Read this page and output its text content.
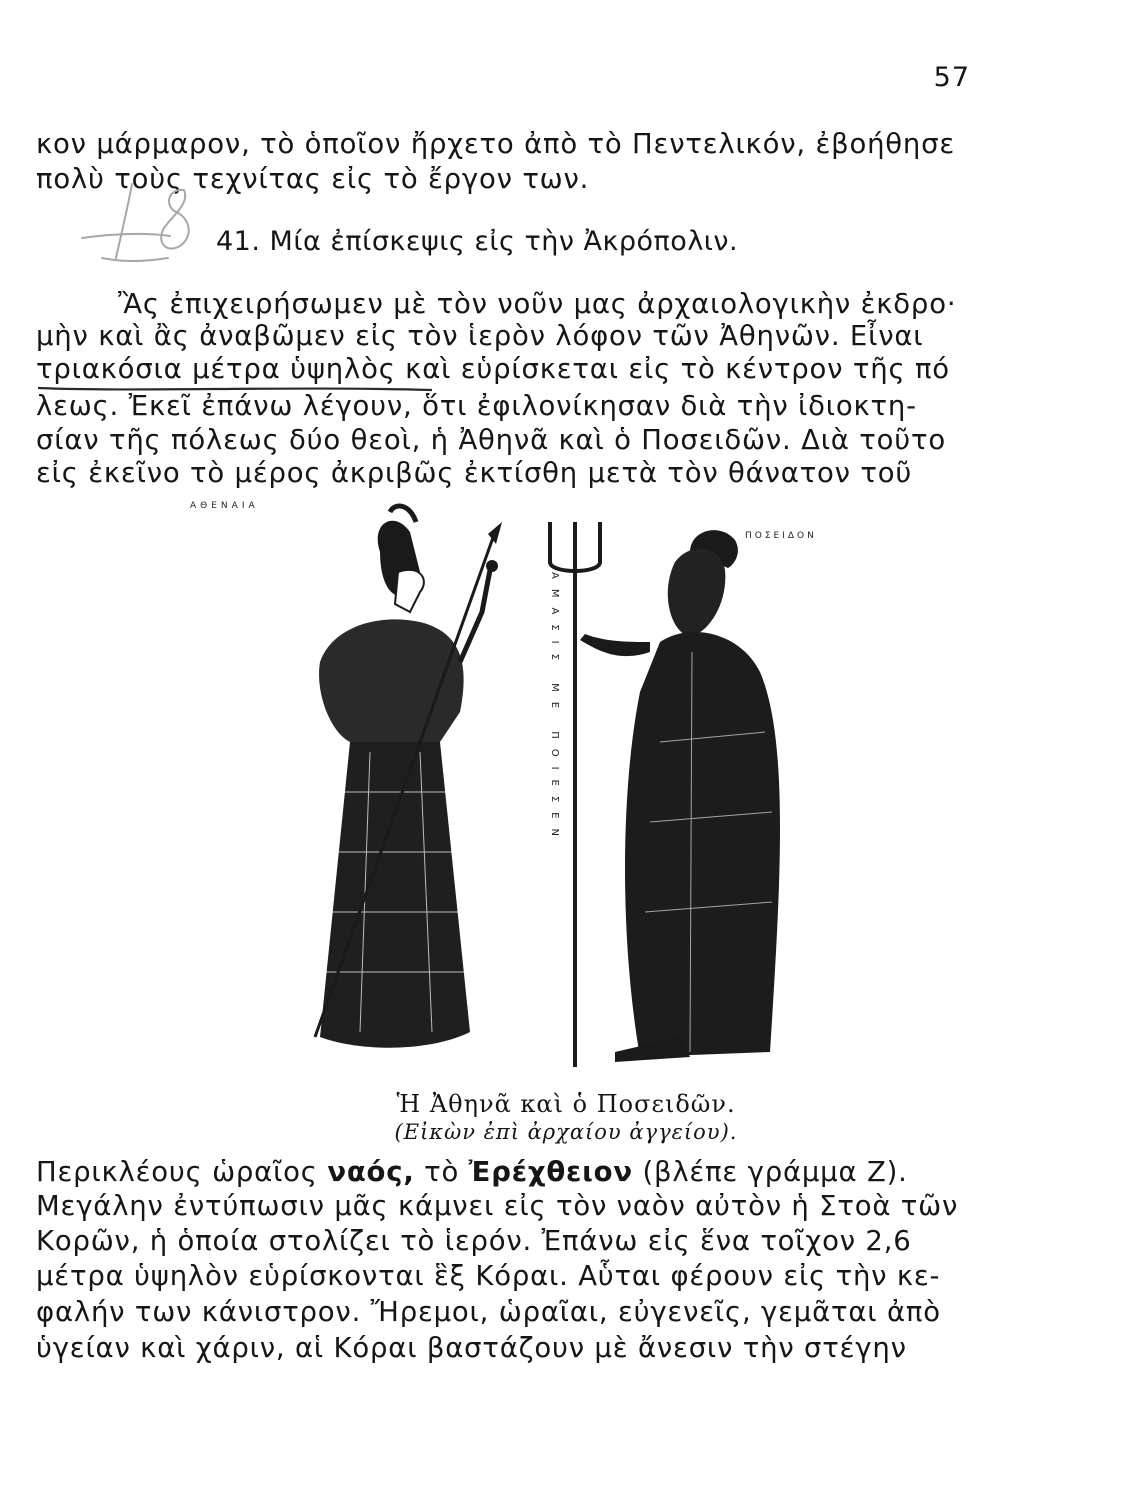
57
κον μάρμαρον, τὸ ὁποῖον ἤρχετο ἀπὸ τὸ Πεντελικόν, ἐβοήθησε
πολὺ τοὺς τεχνίτας εἰς τὸ ἔργον των.
18
41. Μία ἐπίσκεψις εἰς τὴν Ἀκρόπολιν.
Ἂς ἐπιχειρήσωμεν μὲ τὸν νοῦν μας ἀρχαιολογικὴν ἐκδρο·
μὴν καὶ ἂς ἀναβῶμεν εἰς τὸν ἱερὸν λόφον τῶν Ἀθηνῶν. Εἶναι
τριακόσια μέτρα ὑψηλὸς καὶ εὑρίσκεται εἰς τὸ κέντρον τῆς πό
λεως. Ἐκεῖ ἐπάνω λέγουν, ὅτι ἐφιλονίκησαν διὰ τὴν ἰδιοκτη-
σίαν τῆς πόλεως δύο θεοὶ, ἡ Ἀθηνᾶ καὶ ὁ Ποσειδῶν. Διὰ τοῦτο
εἰς ἐκεῖνο τὸ μέρος ἀκριβῶς ἐκτίσθη μετὰ τὸν θάνατον τοῦ
ΑΘΕΝΑΙΑ
ΠΟΣΕΙΔΟΝ
ΑΜΑΣΙΣ ΜΕ ΠΟΙΕΣΕΝ
Ἡ Ἀθηνᾶ καὶ ὁ Ποσειδῶν.
(Εἰκὼν ἐπὶ ἀρχαίου ἀγγείου).
Περικλέους ὡραῖος ναός, τὸ Ἐρέχθειον (βλέπε γράμμα Ζ).
Μεγάλην ἐντύπωσιν μᾶς κάμνει εἰς τὸν ναὸν αὐτὸν ἡ Στοὰ τῶν
Κορῶν, ἡ ὁποία στολίζει τὸ ἱερόν. Ἐπάνω εἰς ἕνα τοῖχον 2,6
μέτρα ὑψηλὸν εὑρίσκονται ἓξ Κόραι. Αὗται φέρουν εἰς τὴν κε-
φαλήν των κάνιστρον. Ἤρεμοι, ὡραῖαι, εὐγενεῖς, γεμᾶται ἀπὸ
ὑγείαν καὶ χάριν, αἱ Κόραι βαστάζουν μὲ ἄνεσιν τὴν στέγην
